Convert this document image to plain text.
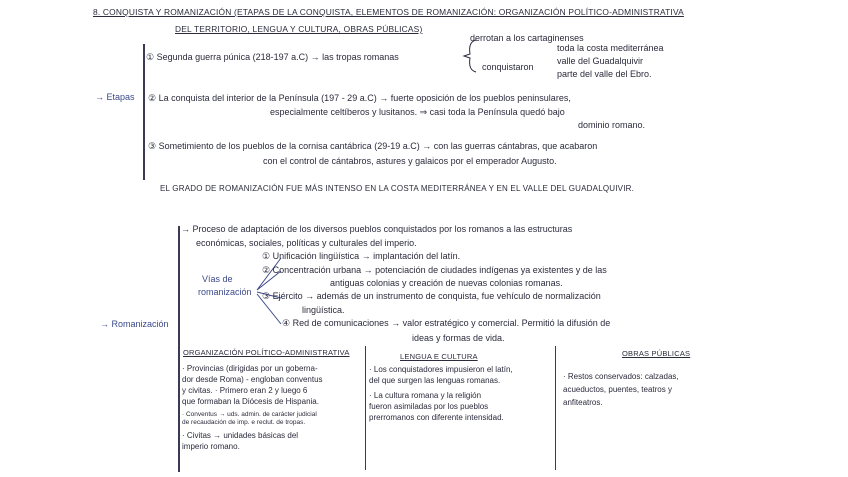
8. CONQUISTA Y ROMANIZACIÓN (ETAPAS DE LA CONQUISTA, ELEMENTOS DE ROMANIZACIÓN: ORGANIZACIÓN POLÍTICO-ADMINISTRATIVA
DEL TERRITORIO, LENGUA Y CULTURA, OBRAS PÚBLICAS)
→ Etapas
derrotan a los cartaginenses
① Segunda guerra púnica (218-197 a.C) → las tropas romanas
conquistaron
toda la costa mediterránea
valle del Guadalquivir
parte del valle del Ebro.
② La conquista del interior de la Península (197 - 29 a.C) → fuerte oposición de los pueblos peninsulares,
especialmente celtíberos y lusitanos. ⇒ casi toda la Península quedó bajo
dominio romano.
③ Sometimiento de los pueblos de la cornisa cantábrica (29-19 a.C) → con las guerras cántabras, que acabaron
con el control de cántabros, astures y galaicos por el emperador Augusto.
EL GRADO DE ROMANIZACIÓN FUE MÁS INTENSO EN LA COSTA MEDITERRÁNEA Y EN EL VALLE DEL GUADALQUIVIR.
→ Romanización
→ Proceso de adaptación de los diversos pueblos conquistados por los romanos a las estructuras
económicas, sociales, políticas y culturales del imperio.
Vías de
romanización
① Unificación lingüística → implantación del latín.
② Concentración urbana → potenciación de ciudades indígenas ya existentes y de las
antiguas colonias y creación de nuevas colonias romanas.
③ Ejército → además de un instrumento de conquista, fue vehículo de normalización
lingüística.
④ Red de comunicaciones → valor estratégico y comercial. Permitió la difusión de
ideas y formas de vida.
ORGANIZACIÓN POLÍTICO-ADMINISTRATIVA
· Provincias (dirigidas por un goberna-
dor desde Roma) - engloban conventus
y civitas. · Primero eran 2 y luego 6
que formaban la Diócesis de Hispania.
· Conventus → uds. admin. de carácter judicial
de recaudación de imp. e reclut. de tropas.
· Civitas → unidades básicas del
imperio romano.
LENGUA E CULTURA
· Los conquistadores impusieron el latín,
del que surgen las lenguas romanas.
· La cultura romana y la religión
fueron asimiladas por los pueblos
prerromanos con diferente intensidad.
OBRAS PÚBLICAS
· Restos conservados: calzadas,
acueductos, puentes, teatros y
anfiteatros.
